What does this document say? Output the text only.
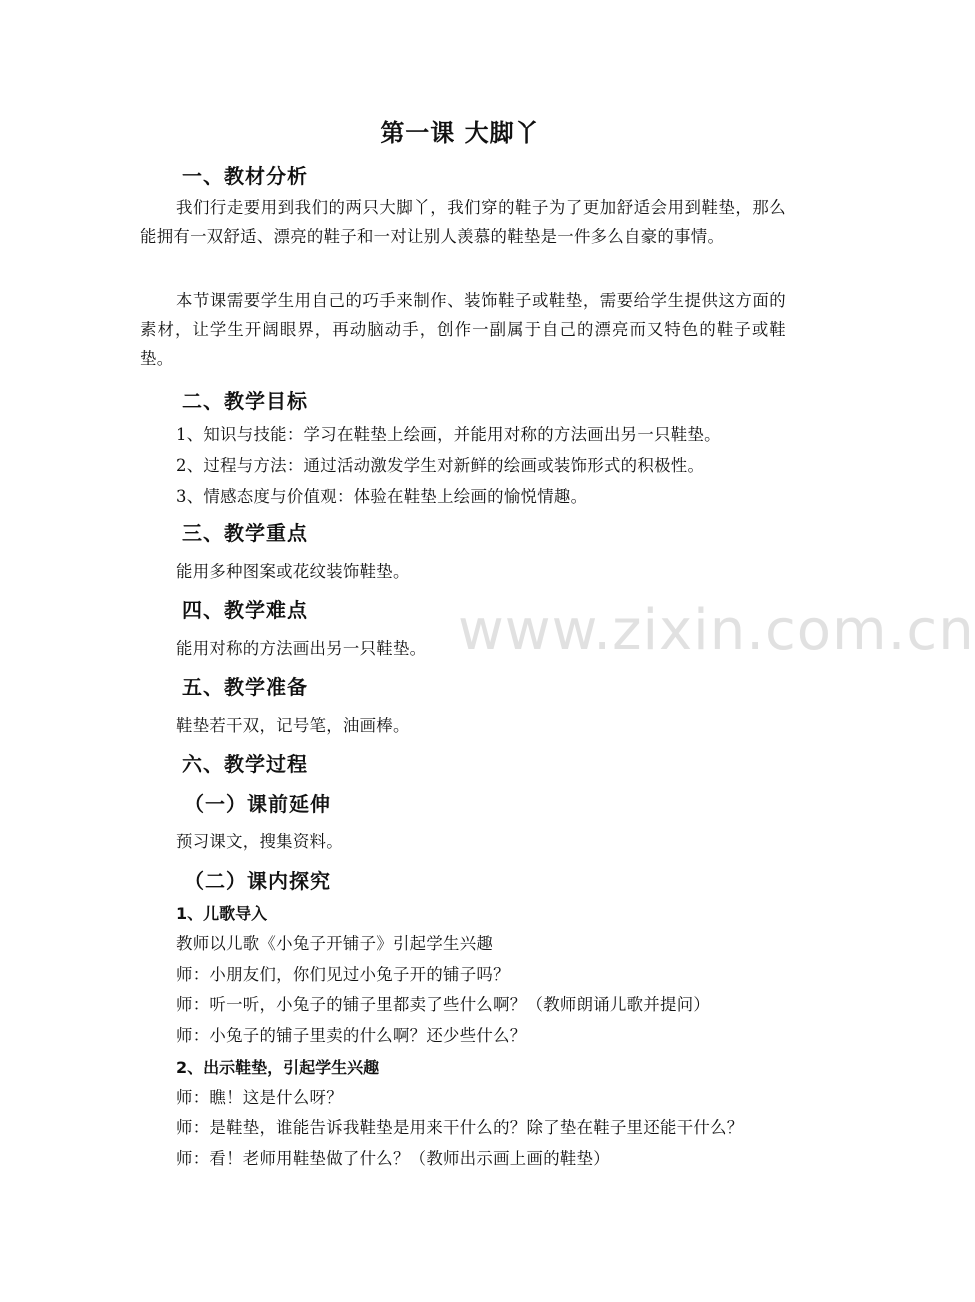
第一课 大脚丫
一、教材分析
我们行走要用到我们的两只大脚丫，我们穿的鞋子为了更加舒适会用到鞋垫，那么能拥有一双舒适、漂亮的鞋子和一对让别人羡慕的鞋垫是一件多么自豪的事情。
本节课需要学生用自己的巧手来制作、装饰鞋子或鞋垫，需要给学生提供这方面的素材，让学生开阔眼界，再动脑动手，创作一副属于自己的漂亮而又特色的鞋子或鞋垫。
二、教学目标
1、知识与技能：学习在鞋垫上绘画，并能用对称的方法画出另一只鞋垫。
2、过程与方法：通过活动激发学生对新鲜的绘画或装饰形式的积极性。
3、情感态度与价值观：体验在鞋垫上绘画的愉悦情趣。
三、教学重点
能用多种图案或花纹装饰鞋垫。
四、教学难点
能用对称的方法画出另一只鞋垫。
五、教学准备
鞋垫若干双，记号笔，油画棒。
六、教学过程
（一）课前延伸
预习课文，搜集资料。
（二）课内探究
1、儿歌导入
教师以儿歌《小兔子开铺子》引起学生兴趣
师：小朋友们，你们见过小兔子开的铺子吗？
师：听一听，小兔子的铺子里都卖了些什么啊？（教师朗诵儿歌并提问）
师：小兔子的铺子里卖的什么啊？还少些什么？
2、出示鞋垫，引起学生兴趣
师：瞧！这是什么呀？
师：是鞋垫，谁能告诉我鞋垫是用来干什么的？除了垫在鞋子里还能干什么？
师：看！老师用鞋垫做了什么？（教师出示画上画的鞋垫）
www.zixin.com.cn
